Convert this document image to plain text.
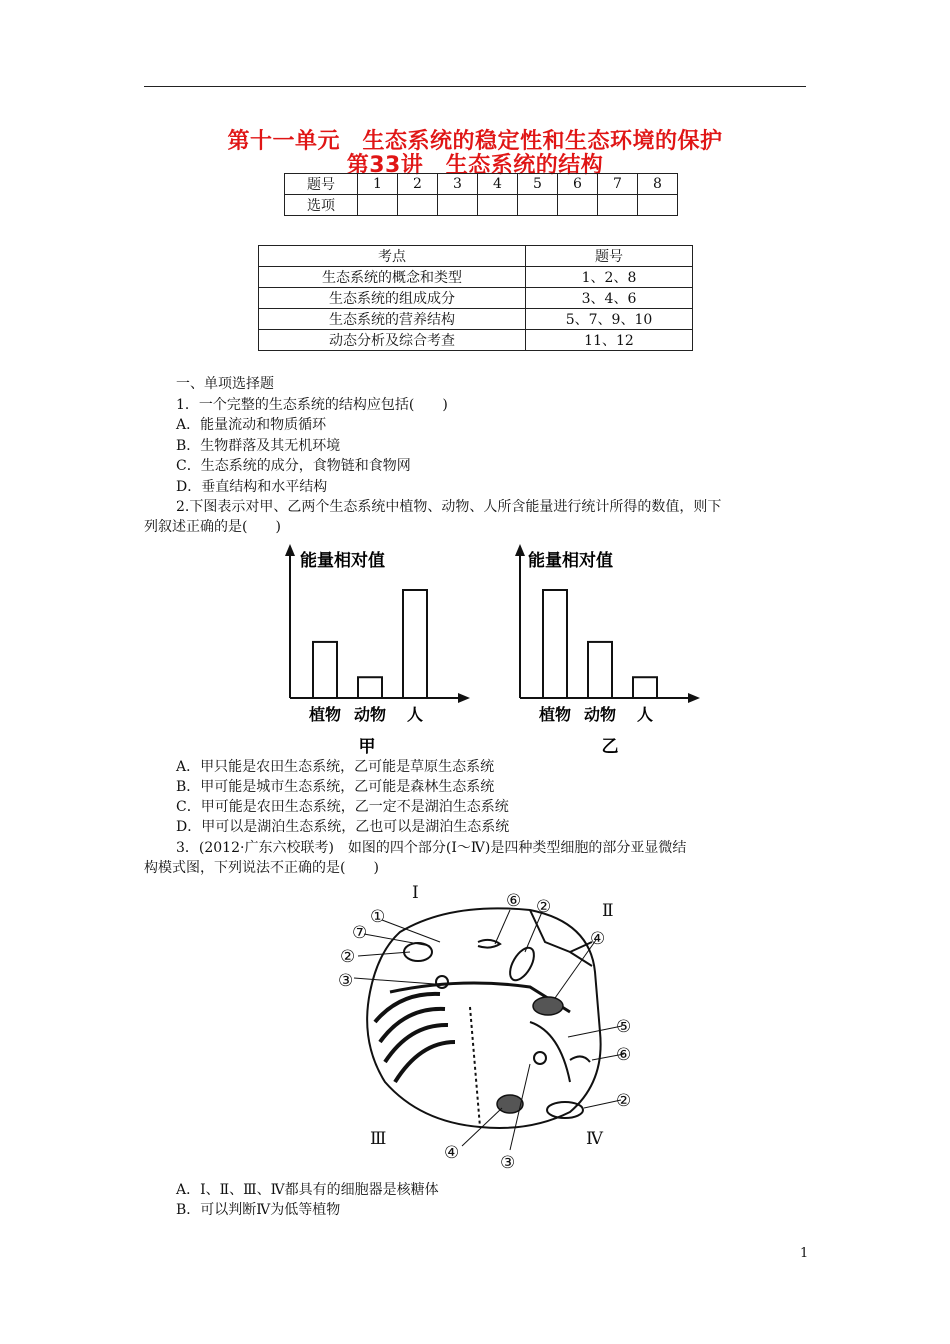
第十一单元　生态系统的稳定性和生态环境的保护
第33讲　生态系统的结构
题号	1	2	3	4	5	6	7	8
选项								
考点	题号
生态系统的概念和类型	1、2、8
生态系统的组成成分	3、4、6
生态系统的营养结构	5、7、9、10
动态分析及综合考查	11、12
一、单项选择题
1．一个完整的生态系统的结构应包括(　　)
A．能量流动和物质循环
B．生物群落及其无机环境
C．生态系统的成分，食物链和食物网
D．垂直结构和水平结构
2.下图表示对甲、乙两个生态系统中植物、动物、人所含能量进行统计所得的数值，则下
列叙述正确的是(　　)
能量相对值
甲
植物 动物 人
能量相对值
乙
植物 动物 人
A．甲只能是农田生态系统，乙可能是草原生态系统
B．甲可能是城市生态系统，乙可能是森林生态系统
C．甲可能是农田生态系统，乙一定不是湖泊生态系统
D．甲可以是湖泊生态系统，乙也可以是湖泊生态系统
3．(2012·广东六校联考)　如图的四个部分(Ⅰ～Ⅳ)是四种类型细胞的部分亚显微结
构模式图，下列说法不正确的是(　　)
Ⅰ
Ⅱ
Ⅲ	Ⅳ
①
⑦
②
③
⑥ ②
④
⑤
⑥
②
④ ③
A．Ⅰ、Ⅱ、Ⅲ、Ⅳ都具有的细胞器是核糖体
B．可以判断Ⅳ为低等植物
1
